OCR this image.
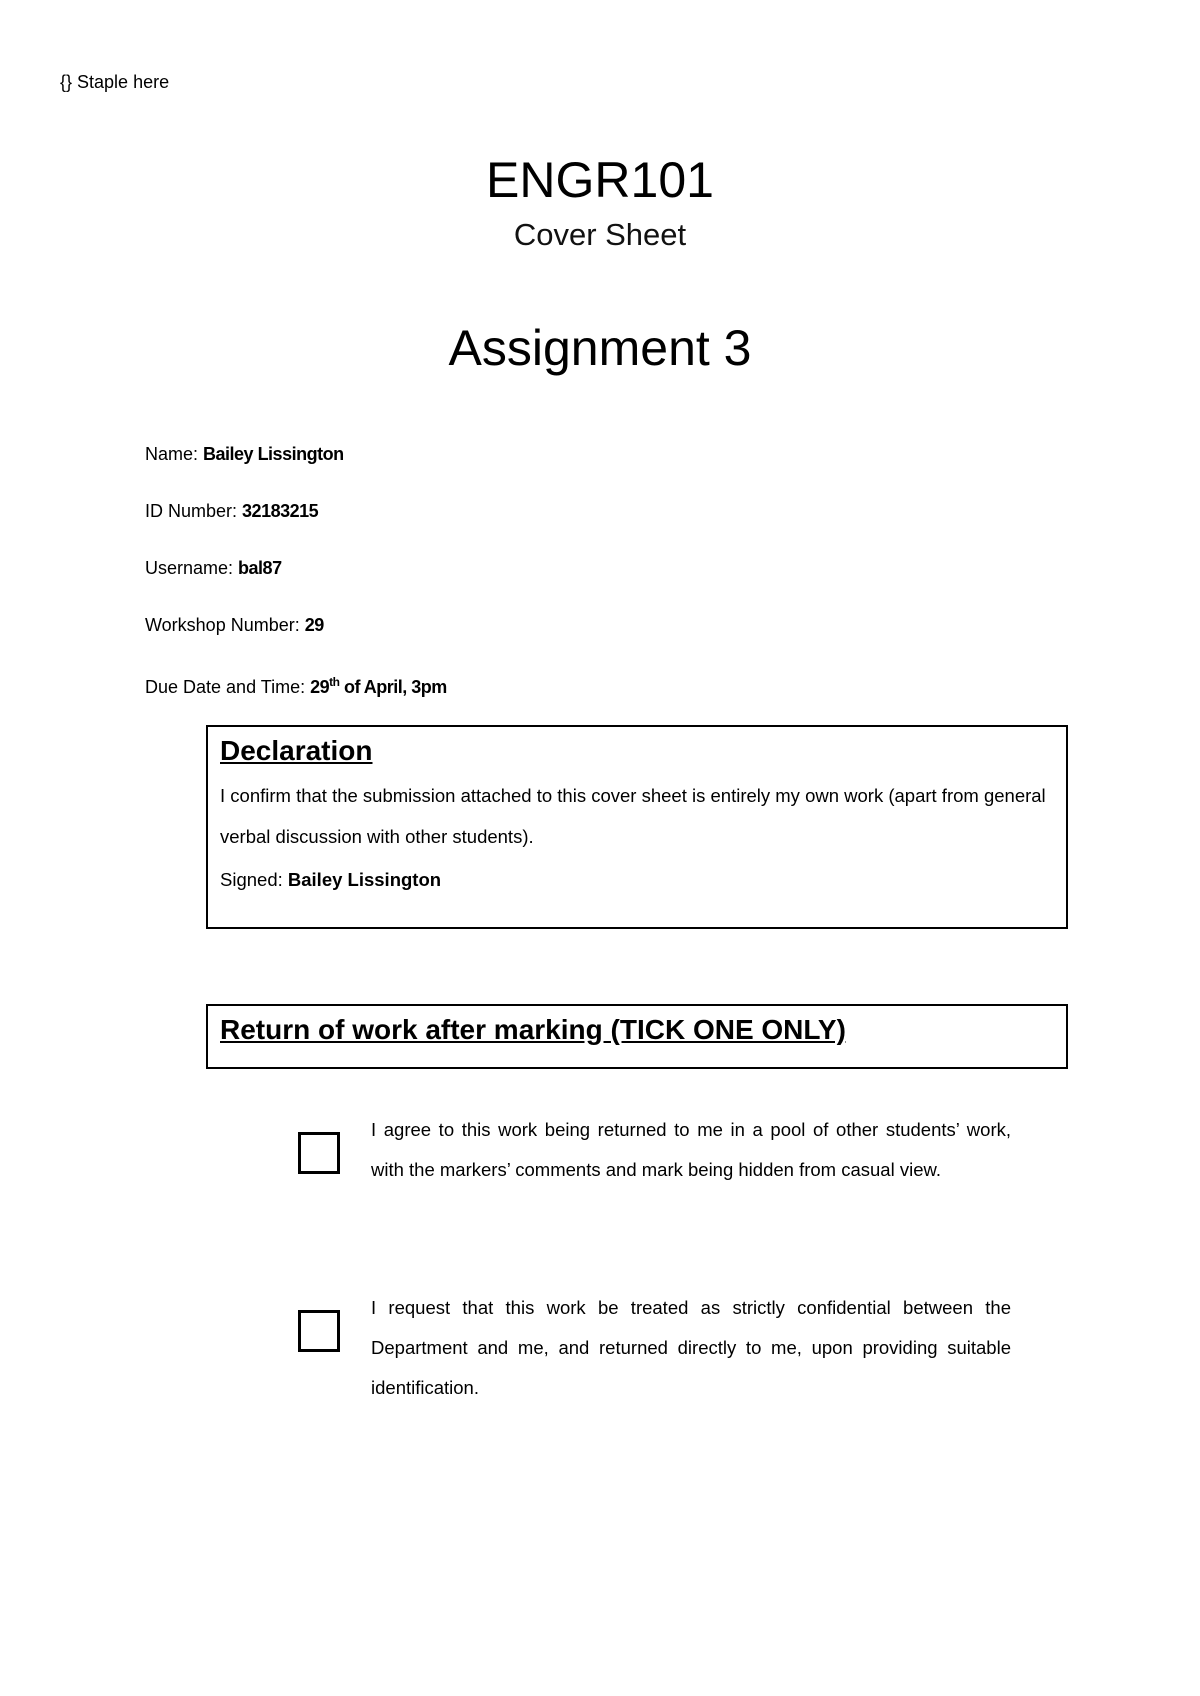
{} Staple here
ENGR101
Cover Sheet
Assignment 3
Name: Bailey Lissington
ID Number: 32183215
Username: bal87
Workshop Number: 29
Due Date and Time: 29th of April, 3pm
Declaration
I confirm that the submission attached to this cover sheet is entirely my own work (apart from general verbal discussion with other students).
Signed: Bailey Lissington
Return of work after marking (TICK ONE ONLY)
I agree to this work being returned to me in a pool of other students’ work, with the markers’ comments and mark being hidden from casual view.
I request that this work be treated as strictly confidential between the Department and me, and returned directly to me, upon providing suitable identification.
